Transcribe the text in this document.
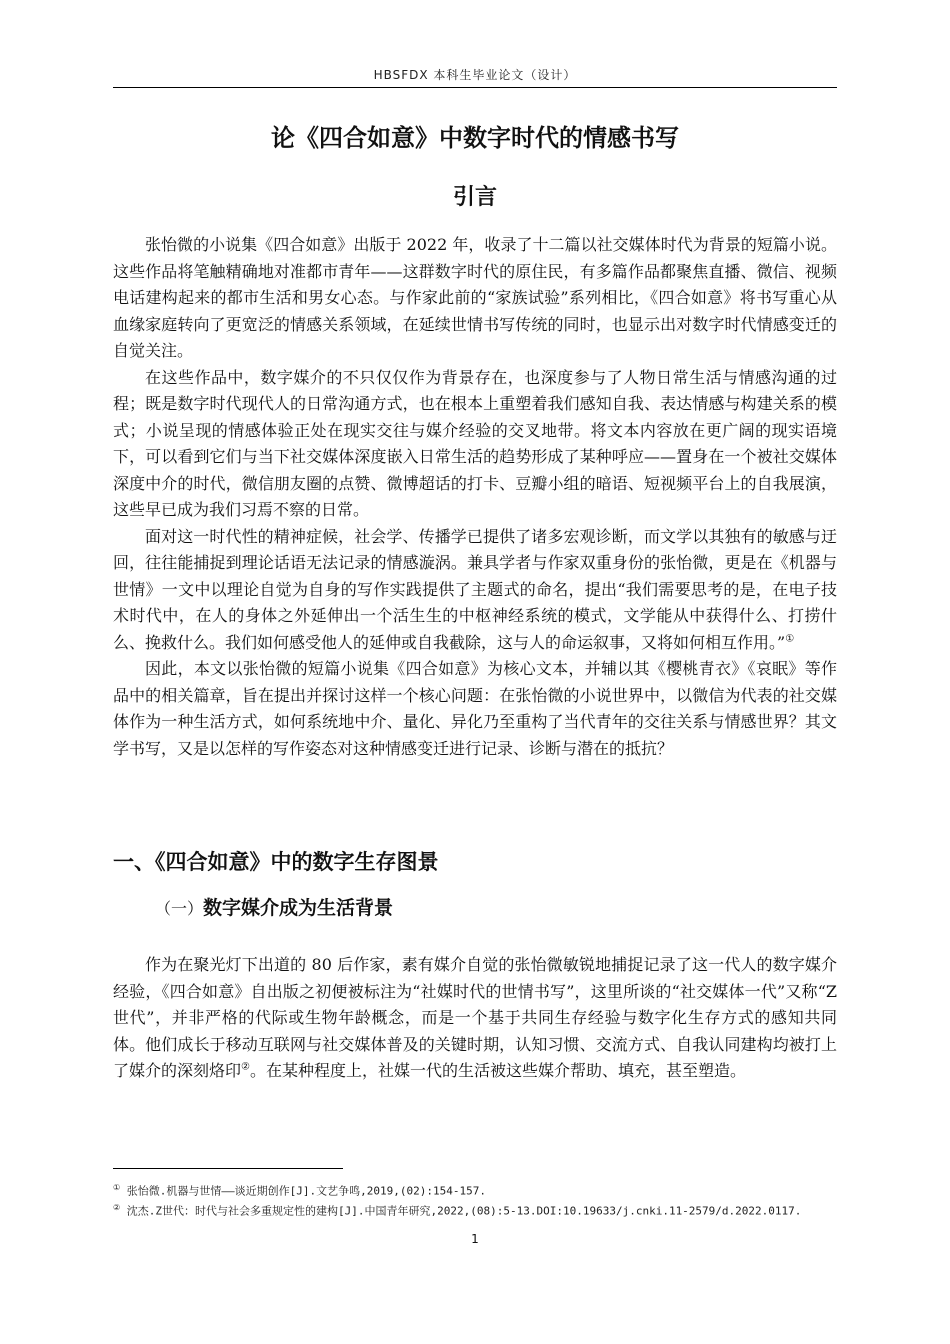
HBSFDX 本科生毕业论文（设计）
论《四合如意》中数字时代的情感书写
引言

张怡微的小说集《四合如意》出版于 2022 年，收录了十二篇以社交媒体时代为背景的短篇小说。这些作品将笔触精确地对准都市青年——这群数字时代的原住民，有多篇作品都聚焦直播、微信、视频电话建构起来的都市生活和男女心态。与作家此前的“家族试验”系列相比，《四合如意》将书写重心从血缘家庭转向了更宽泛的情感关系领域，在延续世情书写传统的同时，也显示出对数字时代情感变迁的自觉关注。

在这些作品中，数字媒介的不只仅仅作为背景存在，也深度参与了人物日常生活与情感沟通的过程；既是数字时代现代人的日常沟通方式，也在根本上重塑着我们感知自我、表达情感与构建关系的模式；小说呈现的情感体验正处在现实交往与媒介经验的交叉地带。将文本内容放在更广阔的现实语境下，可以看到它们与当下社交媒体深度嵌入日常生活的趋势形成了某种呼应——置身在一个被社交媒体深度中介的时代，微信朋友圈的点赞、微博超话的打卡、豆瓣小组的暗语、短视频平台上的自我展演，这些早已成为我们习焉不察的日常。

面对这一时代性的精神症候，社会学、传播学已提供了诸多宏观诊断，而文学以其独有的敏感与迂回，往往能捕捉到理论话语无法记录的情感漩涡。兼具学者与作家双重身份的张怡微，更是在《机器与世情》一文中以理论自觉为自身的写作实践提供了主题式的命名，提出“我们需要思考的是，在电子技术时代中，在人的身体之外延伸出一个活生生的中枢神经系统的模式，文学能从中获得什么、打捞什么、挽救什么。我们如何感受他人的延伸或自我截除，这与人的命运叙事，又将如何相互作用。”①

因此，本文以张怡微的短篇小说集《四合如意》为核心文本，并辅以其《樱桃青衣》《哀眠》等作品中的相关篇章，旨在提出并探讨这样一个核心问题：在张怡微的小说世界中，以微信为代表的社交媒体作为一种生活方式，如何系统地中介、量化、异化乃至重构了当代青年的交往关系与情感世界？其文学书写，又是以怎样的写作姿态对这种情感变迁进行记录、诊断与潜在的抵抗？

一、《四合如意》中的数字生存图景
（一）数字媒介成为生活背景

作为在聚光灯下出道的 80 后作家，素有媒介自觉的张怡微敏锐地捕捉记录了这一代人的数字媒介经验，《四合如意》自出版之初便被标注为“社媒时代的世情书写”，这里所谈的“社交媒体一代”又称“Z 世代”，并非严格的代际或生物年龄概念，而是一个基于共同生存经验与数字化生存方式的感知共同体。他们成长于移动互联网与社交媒体普及的关键时期，认知习惯、交流方式、自我认同建构均被打上了媒介的深刻烙印②。在某种程度上，社媒一代的生活被这些媒介帮助、填充，甚至塑造。

① 张怡微.机器与世情——谈近期创作[J].文艺争鸣,2019,(02):154-157.

② 沈杰.Z世代：时代与社会多重规定性的建构[J].中国青年研究,2022,(08):5-13.DOI:10.19633/j.cnki.11-2579/d.2022.0117.

1
